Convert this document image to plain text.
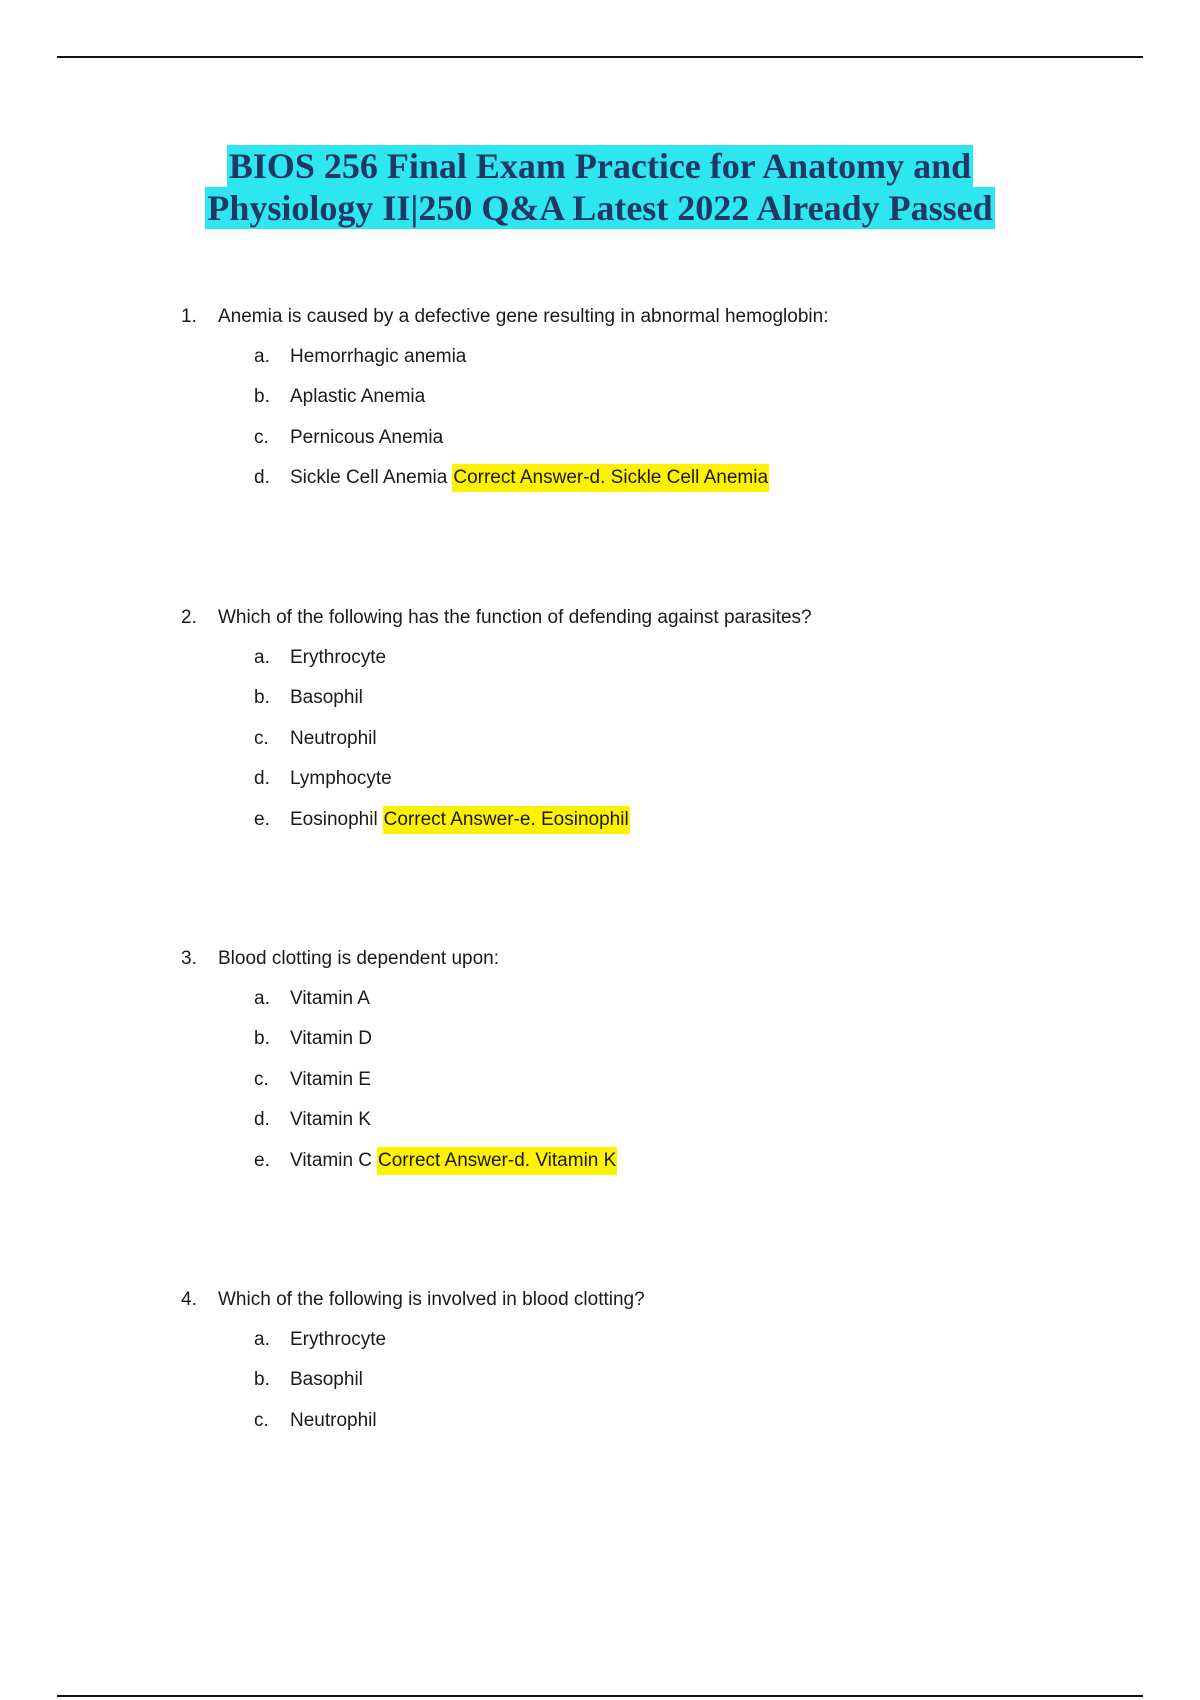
BIOS 256 Final Exam Practice for Anatomy and
Physiology II|250 Q&A Latest 2022 Already Passed
1.	Anemia is caused by a defective gene resulting in abnormal hemoglobin:
a.	Hemorrhagic anemia
b.	Aplastic Anemia
c.	Pernicous Anemia
d.	Sickle Cell Anemia Correct Answer-d. Sickle Cell Anemia
2.	Which of the following has the function of defending against parasites?
a.	Erythrocyte
b.	Basophil
c.	Neutrophil
d.	Lymphocyte
e.	Eosinophil Correct Answer-e. Eosinophil
3.	Blood clotting is dependent upon:
a.	Vitamin A
b.	Vitamin D
c.	Vitamin E
d.	Vitamin K
e.	Vitamin C Correct Answer-d. Vitamin K
4.	Which of the following is involved in blood clotting?
a.	Erythrocyte
b.	Basophil
c.	Neutrophil
